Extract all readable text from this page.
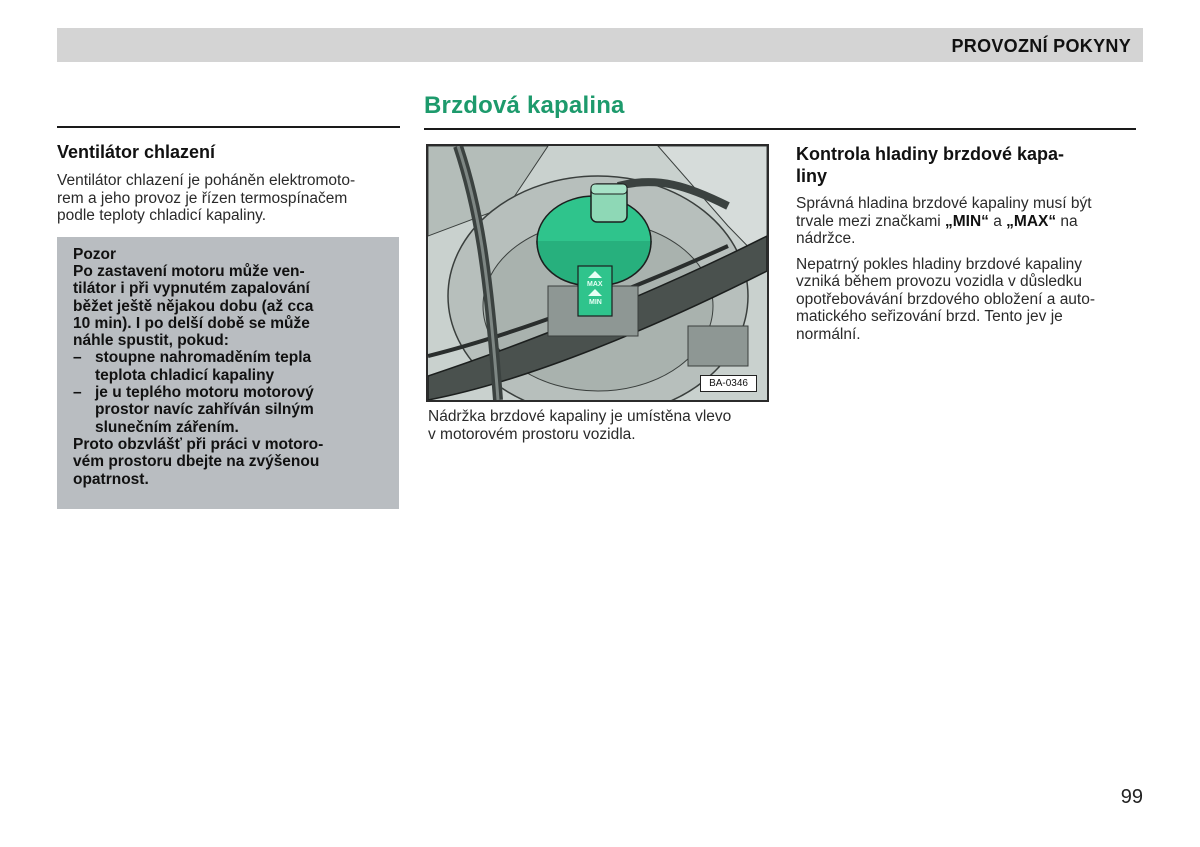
PROVOZNÍ POKYNY
Brzdová kapalina
Ventilátor chlazení

Ventilátor chlazení je poháněn elektromoto-
rem a jeho provoz je řízen termospínačem
podle teploty chladicí kapaliny.

Pozor

Po zastavení motoru může ven-
tilátor i při vypnutém zapalování
běžet ještě nějakou dobu (až cca
10 min). I po delší době se může
náhle spustit, pokud:

– stoupne nahromaděním tepla
teplota chladicí kapaliny
– je u teplého motoru motorový
prostor navíc zahříván silným
slunečním zářením.

Proto obzvlášť při práci v motoro-
vém prostoru dbejte na zvýšenou
opatrnost.

MAX
MIN
BA-0346

Nádržka brzdové kapaliny je umístěna vlevo
v motorovém prostoru vozidla.

Kontrola hladiny brzdové kapa-
liny

Správná hladina brzdové kapaliny musí být
trvale mezi značkami „MIN“ a „MAX“ na
nádržce.

Nepatrný pokles hladiny brzdové kapaliny
vzniká během provozu vozidla v důsledku
opotřebovávání brzdového obložení a auto-
matického seřizování brzd. Tento jev je
normální.

99
